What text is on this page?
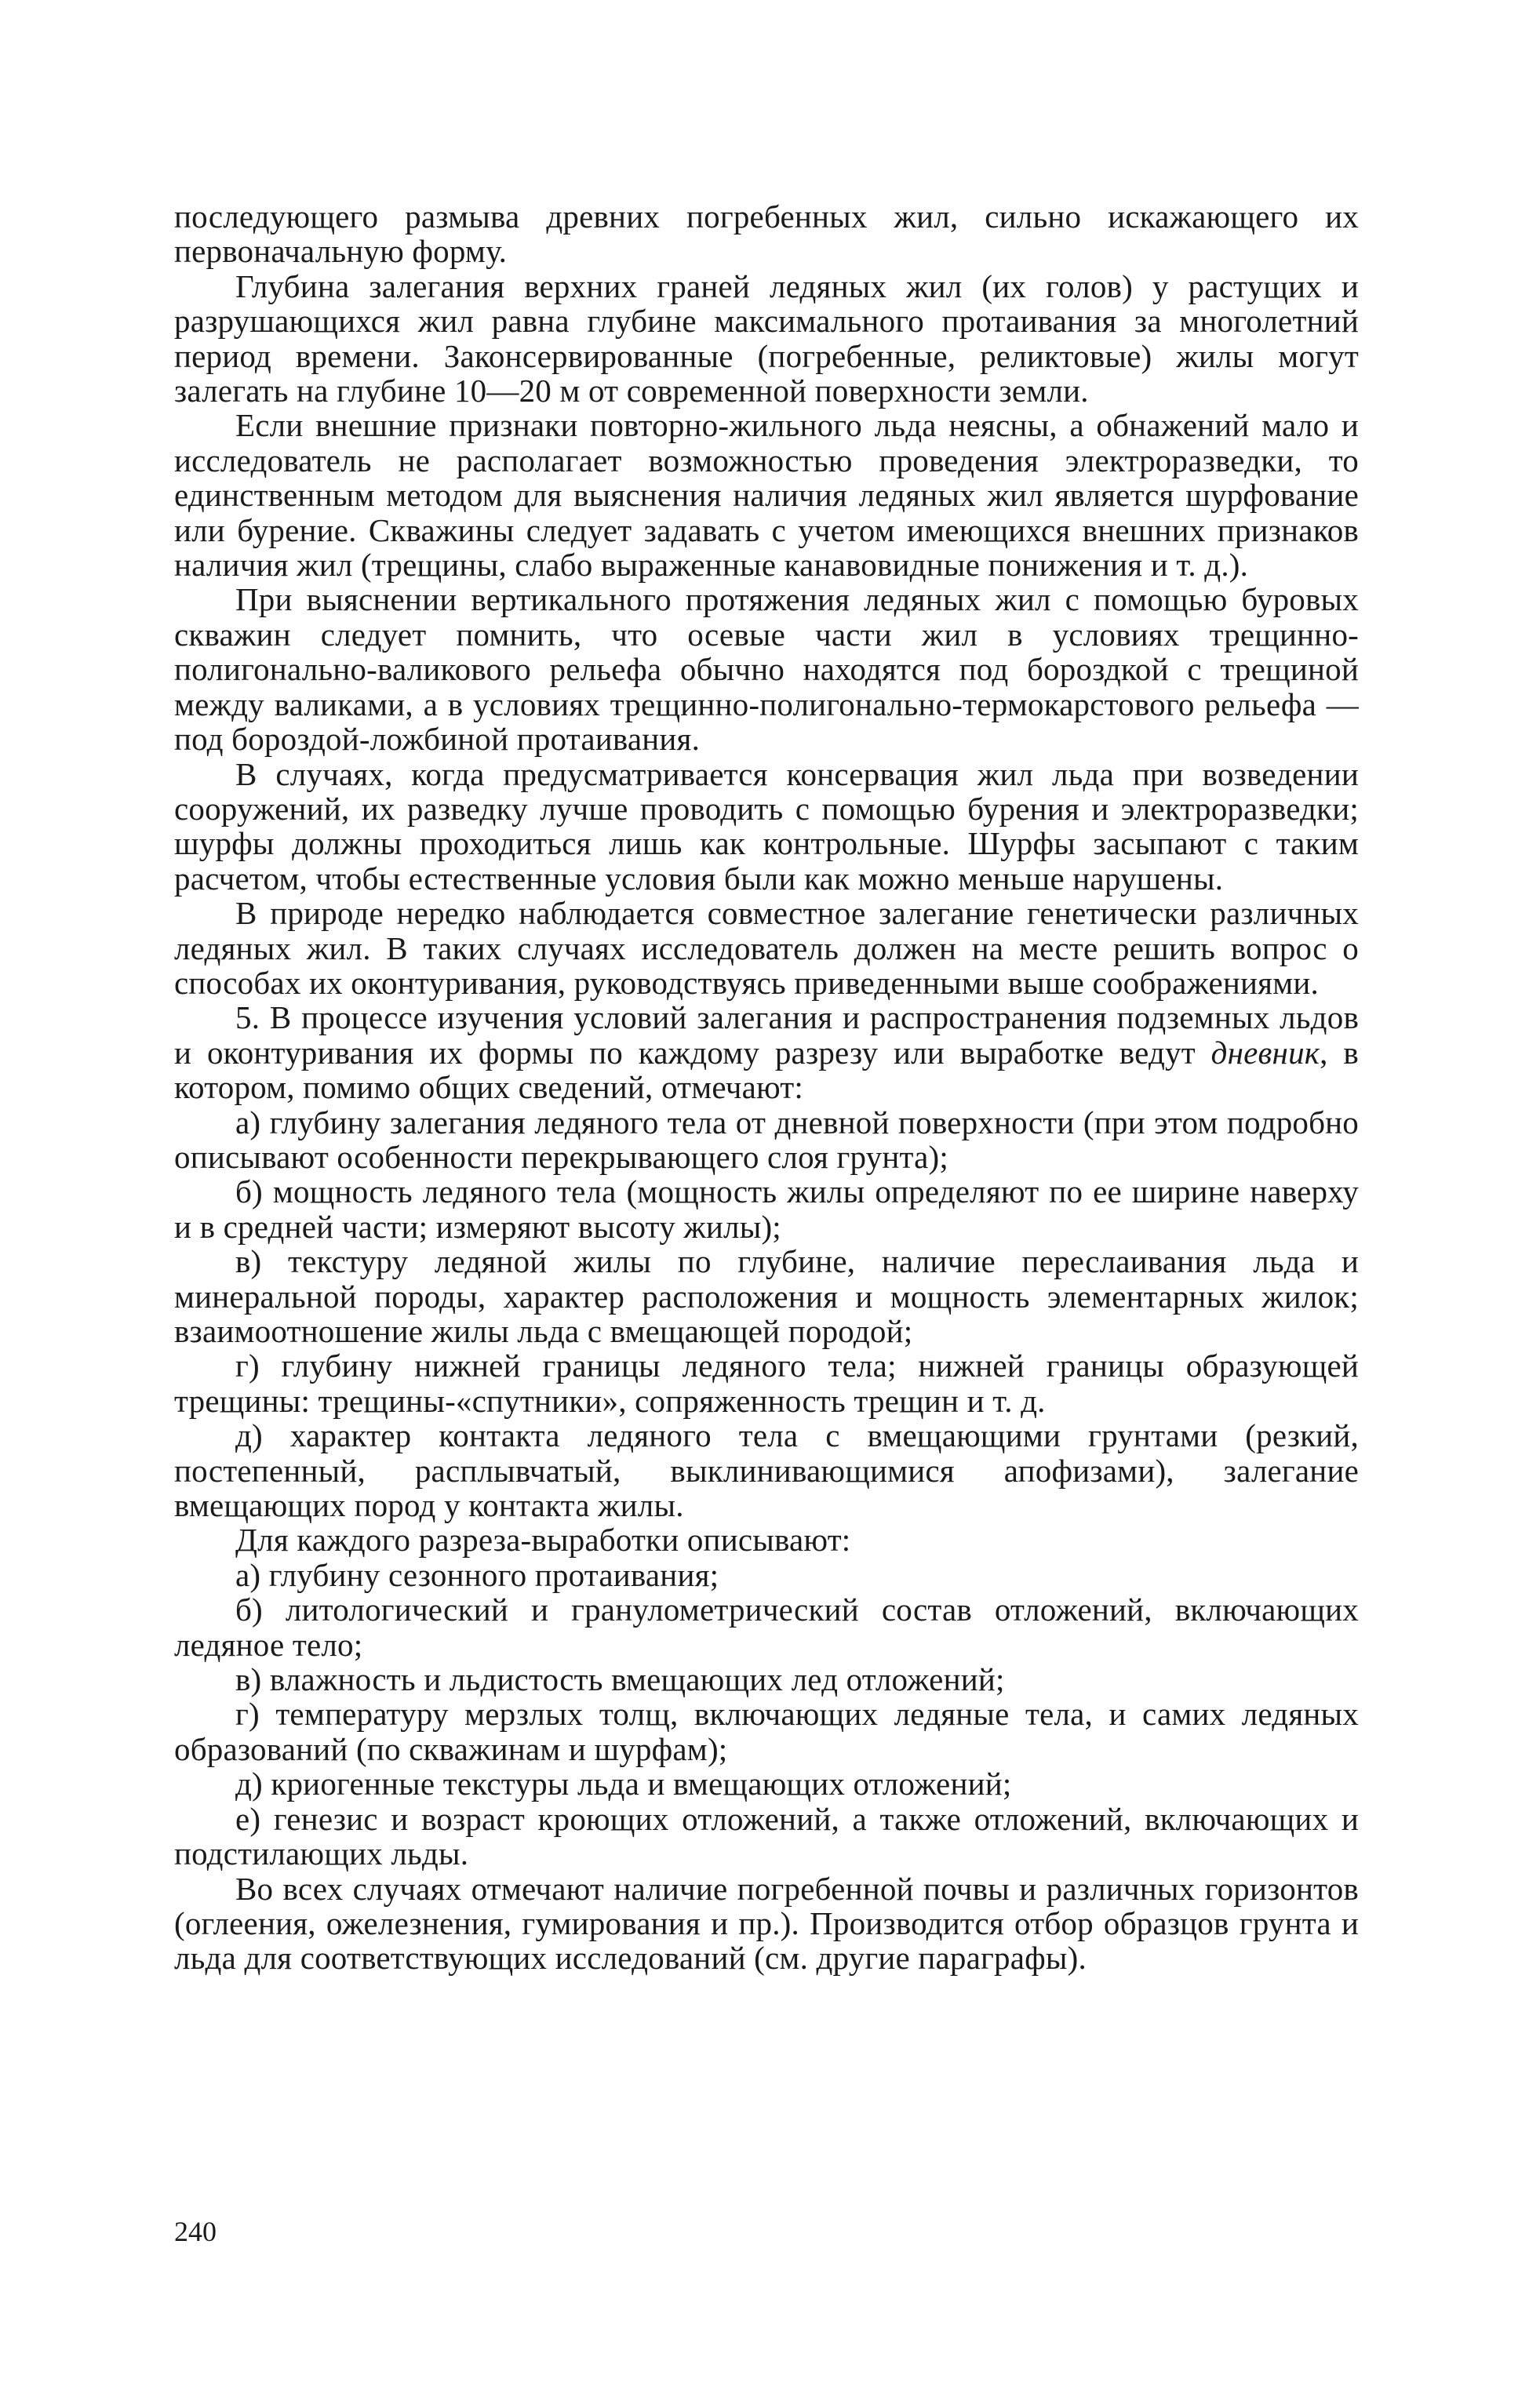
последующего размыва древних погребенных жил, сильно искажающего их первоначальную форму.

Глубина залегания верхних граней ледяных жил (их голов) у растущих и разрушающихся жил равна глубине максимального протаивания за многолетний период времени. Законсервированные (погребенные, реликтовые) жилы могут залегать на глубине 10—20 м от современной поверхности земли.

Если внешние признаки повторно-жильного льда неясны, а обнажений мало и исследователь не располагает возможностью проведения электроразведки, то единственным методом для выяснения наличия ледяных жил является шурфование или бурение. Скважины следует задавать с учетом имеющихся внешних признаков наличия жил (трещины, слабо выраженные канавовидные понижения и т. д.).

При выяснении вертикального протяжения ледяных жил с помощью буровых скважин следует помнить, что осевые части жил в условиях трещинно-полигонально-валикового рельефа обычно находятся под бороздкой с трещиной между валиками, а в условиях трещинно-полигонально-термокарстового рельефа — под бороздой-ложбиной протаивания.

В случаях, когда предусматривается консервация жил льда при возведении сооружений, их разведку лучше проводить с помощью бурения и электроразведки; шурфы должны проходиться лишь как контрольные. Шурфы засыпают с таким расчетом, чтобы естественные условия были как можно меньше нарушены.

В природе нередко наблюдается совместное залегание генетически различных ледяных жил. В таких случаях исследователь должен на месте решить вопрос о способах их оконтуривания, руководствуясь приведенными выше соображениями.

5. В процессе изучения условий залегания и распространения подземных льдов и оконтуривания их формы по каждому разрезу или выработке ведут дневник, в котором, помимо общих сведений, отмечают:

а) глубину залегания ледяного тела от дневной поверхности (при этом подробно описывают особенности перекрывающего слоя грунта);

б) мощность ледяного тела (мощность жилы определяют по ее ширине наверху и в средней части; измеряют высоту жилы);

в) текстуру ледяной жилы по глубине, наличие переслаивания льда и минеральной породы, характер расположения и мощность элементарных жилок; взаимоотношение жилы льда с вмещающей породой;

г) глубину нижней границы ледяного тела; нижней границы образующей трещины: трещины-«спутники», сопряженность трещин и т. д.

д) характер контакта ледяного тела с вмещающими грунтами (резкий, постепенный, расплывчатый, выклинивающимися апофизами), залегание вмещающих пород у контакта жилы.

Для каждого разреза-выработки описывают:

а) глубину сезонного протаивания;

б) литологический и гранулометрический состав отложений, включающих ледяное тело;

в) влажность и льдистость вмещающих лед отложений;

г) температуру мерзлых толщ, включающих ледяные тела, и самих ледяных образований (по скважинам и шурфам);

д) криогенные текстуры льда и вмещающих отложений;

е) генезис и возраст кроющих отложений, а также отложений, включающих и подстилающих льды.

Во всех случаях отмечают наличие погребенной почвы и различных горизонтов (оглеения, ожелезнения, гумирования и пр.). Производится отбор образцов грунта и льда для соответствующих исследований (см. другие параграфы).

240
